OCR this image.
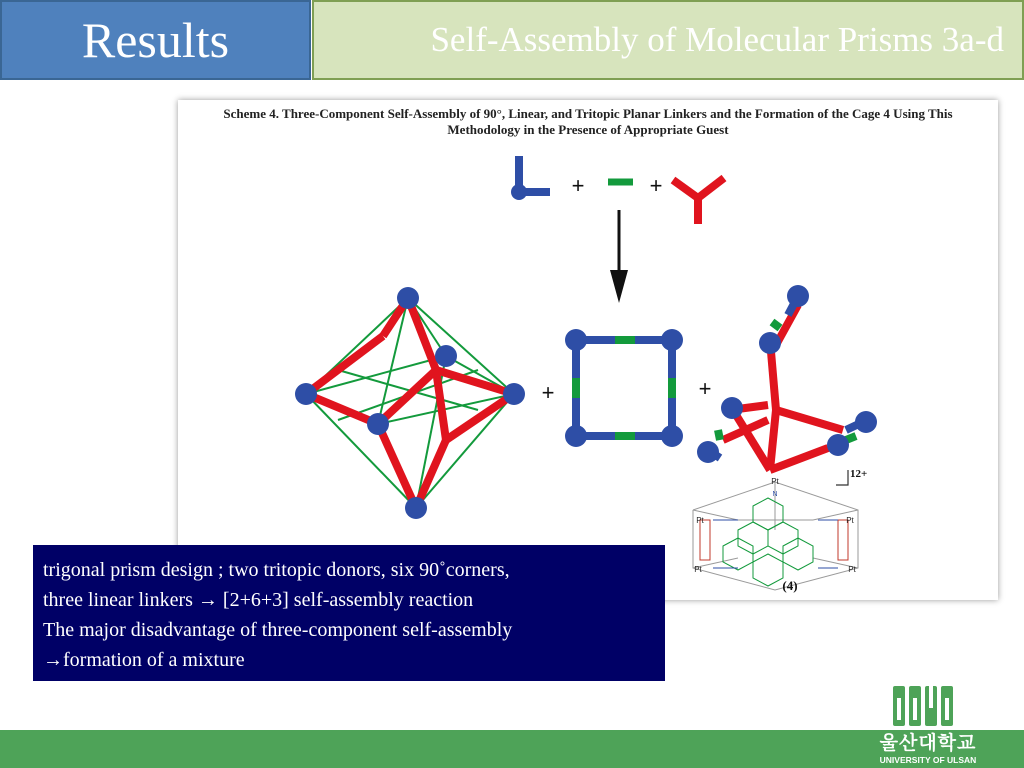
Results	Self-Assembly of Molecular Prisms 3a-d
Scheme 4. Three-Component Self-Assembly of 90°, Linear, and Tritopic Planar Linkers and the Formation of the Cage 4 Using This
Methodology in the Presence of Appropriate Guest
+	+
+	+
12+
Pt
Pt	Pt
Pt	Pt
N
(4)
trigonal prism design ; two tritopic donors, six 90˚corners,
three linear linkers → [2+6+3] self-assembly reaction
The major disadvantage of three-component self-assembly
→formation of a mixture
울산대학교
UNIVERSITY OF ULSAN
